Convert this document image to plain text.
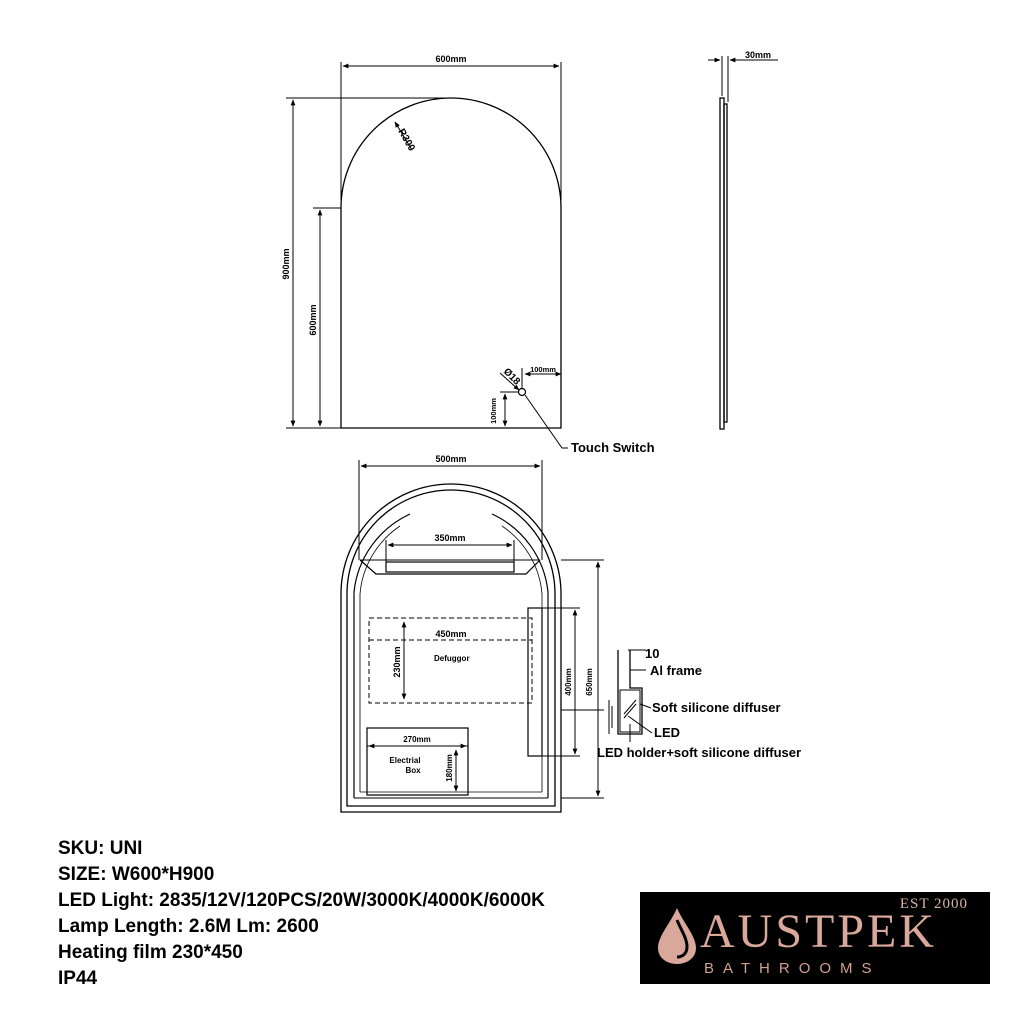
600mm
900mm
600mm
R300
Ø18 100mm
100mm
Touch Switch
30mm
500mm
350mm
450mm
230mm	Defuggor
400mm 650mm
270mm
180mm
Electrial
Box
10
Al frame
Soft silicone diffuser
LED
LED holder+soft silicone diffuser
SKU: UNI
SIZE: W600*H900
LED Light: 2835/12V/120PCS/20W/3000K/4000K/6000K
Lamp Length: 2.6M Lm: 2600
Heating film 230*450
IP44
EST 2000
AUSTPEK
BATHROOMS
